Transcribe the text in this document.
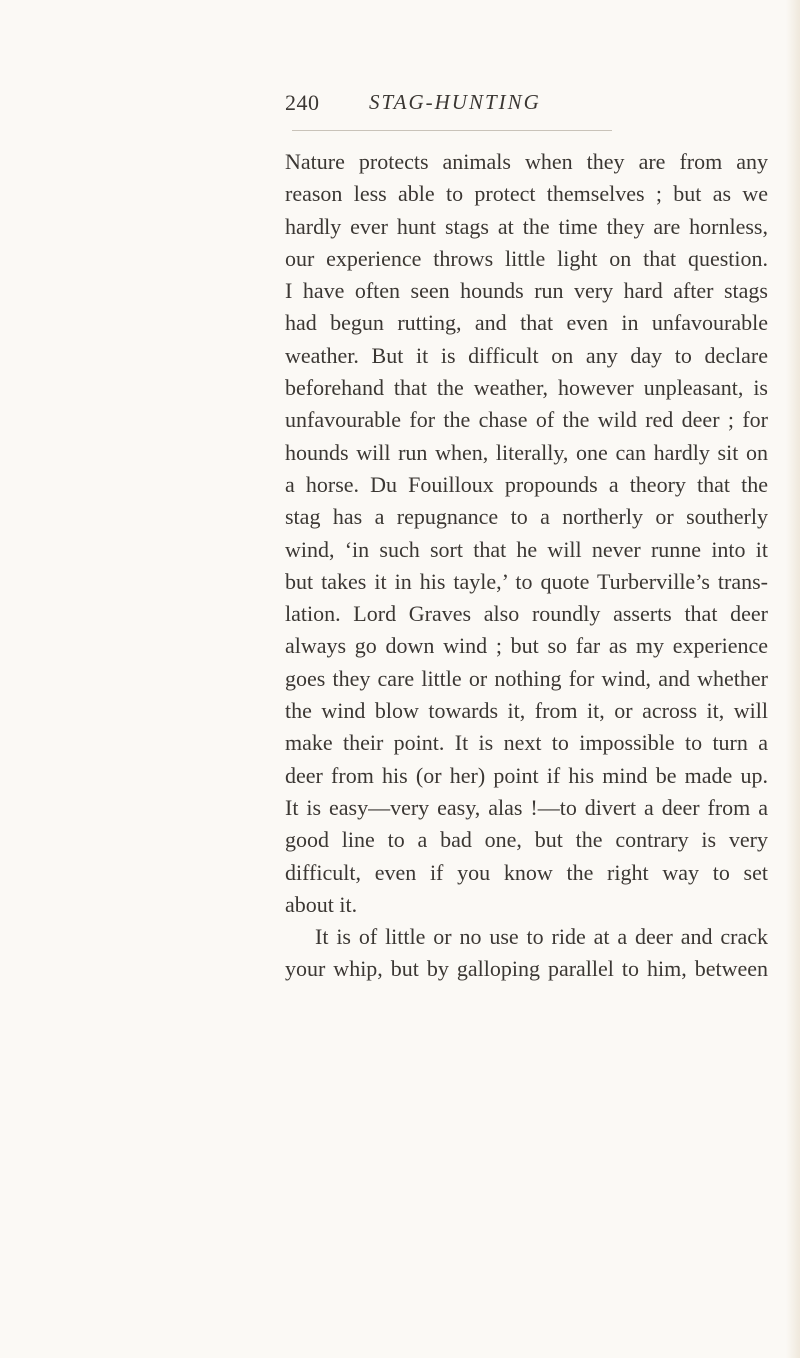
240 STAG-HUNTING
Nature protects animals when they are from any
reason less able to protect themselves ; but as we
hardly ever hunt stags at the time they are hornless,
our experience throws little light on that question.
I have often seen hounds run very hard after stags
had begun rutting, and that even in unfavourable
weather. But it is difficult on any day to declare
beforehand that the weather, however unpleasant, is
unfavourable for the chase of the wild red deer ; for
hounds will run when, literally, one can hardly sit on
a horse. Du Fouilloux propounds a theory that the
stag has a repugnance to a northerly or southerly
wind, ‘in such sort that he will never runne into it
but takes it in his tayle,’ to quote Turberville’s trans-
lation. Lord Graves also roundly asserts that deer
always go down wind ; but so far as my experience
goes they care little or nothing for wind, and whether
the wind blow towards it, from it, or across it, will
make their point. It is next to impossible to turn a
deer from his (or her) point if his mind be made up.
It is easy—very easy, alas !—to divert a deer from a
good line to a bad one, but the contrary is very
difficult, even if you know the right way to set
about it.
It is of little or no use to ride at a deer and crack
your whip, but by galloping parallel to him, between
